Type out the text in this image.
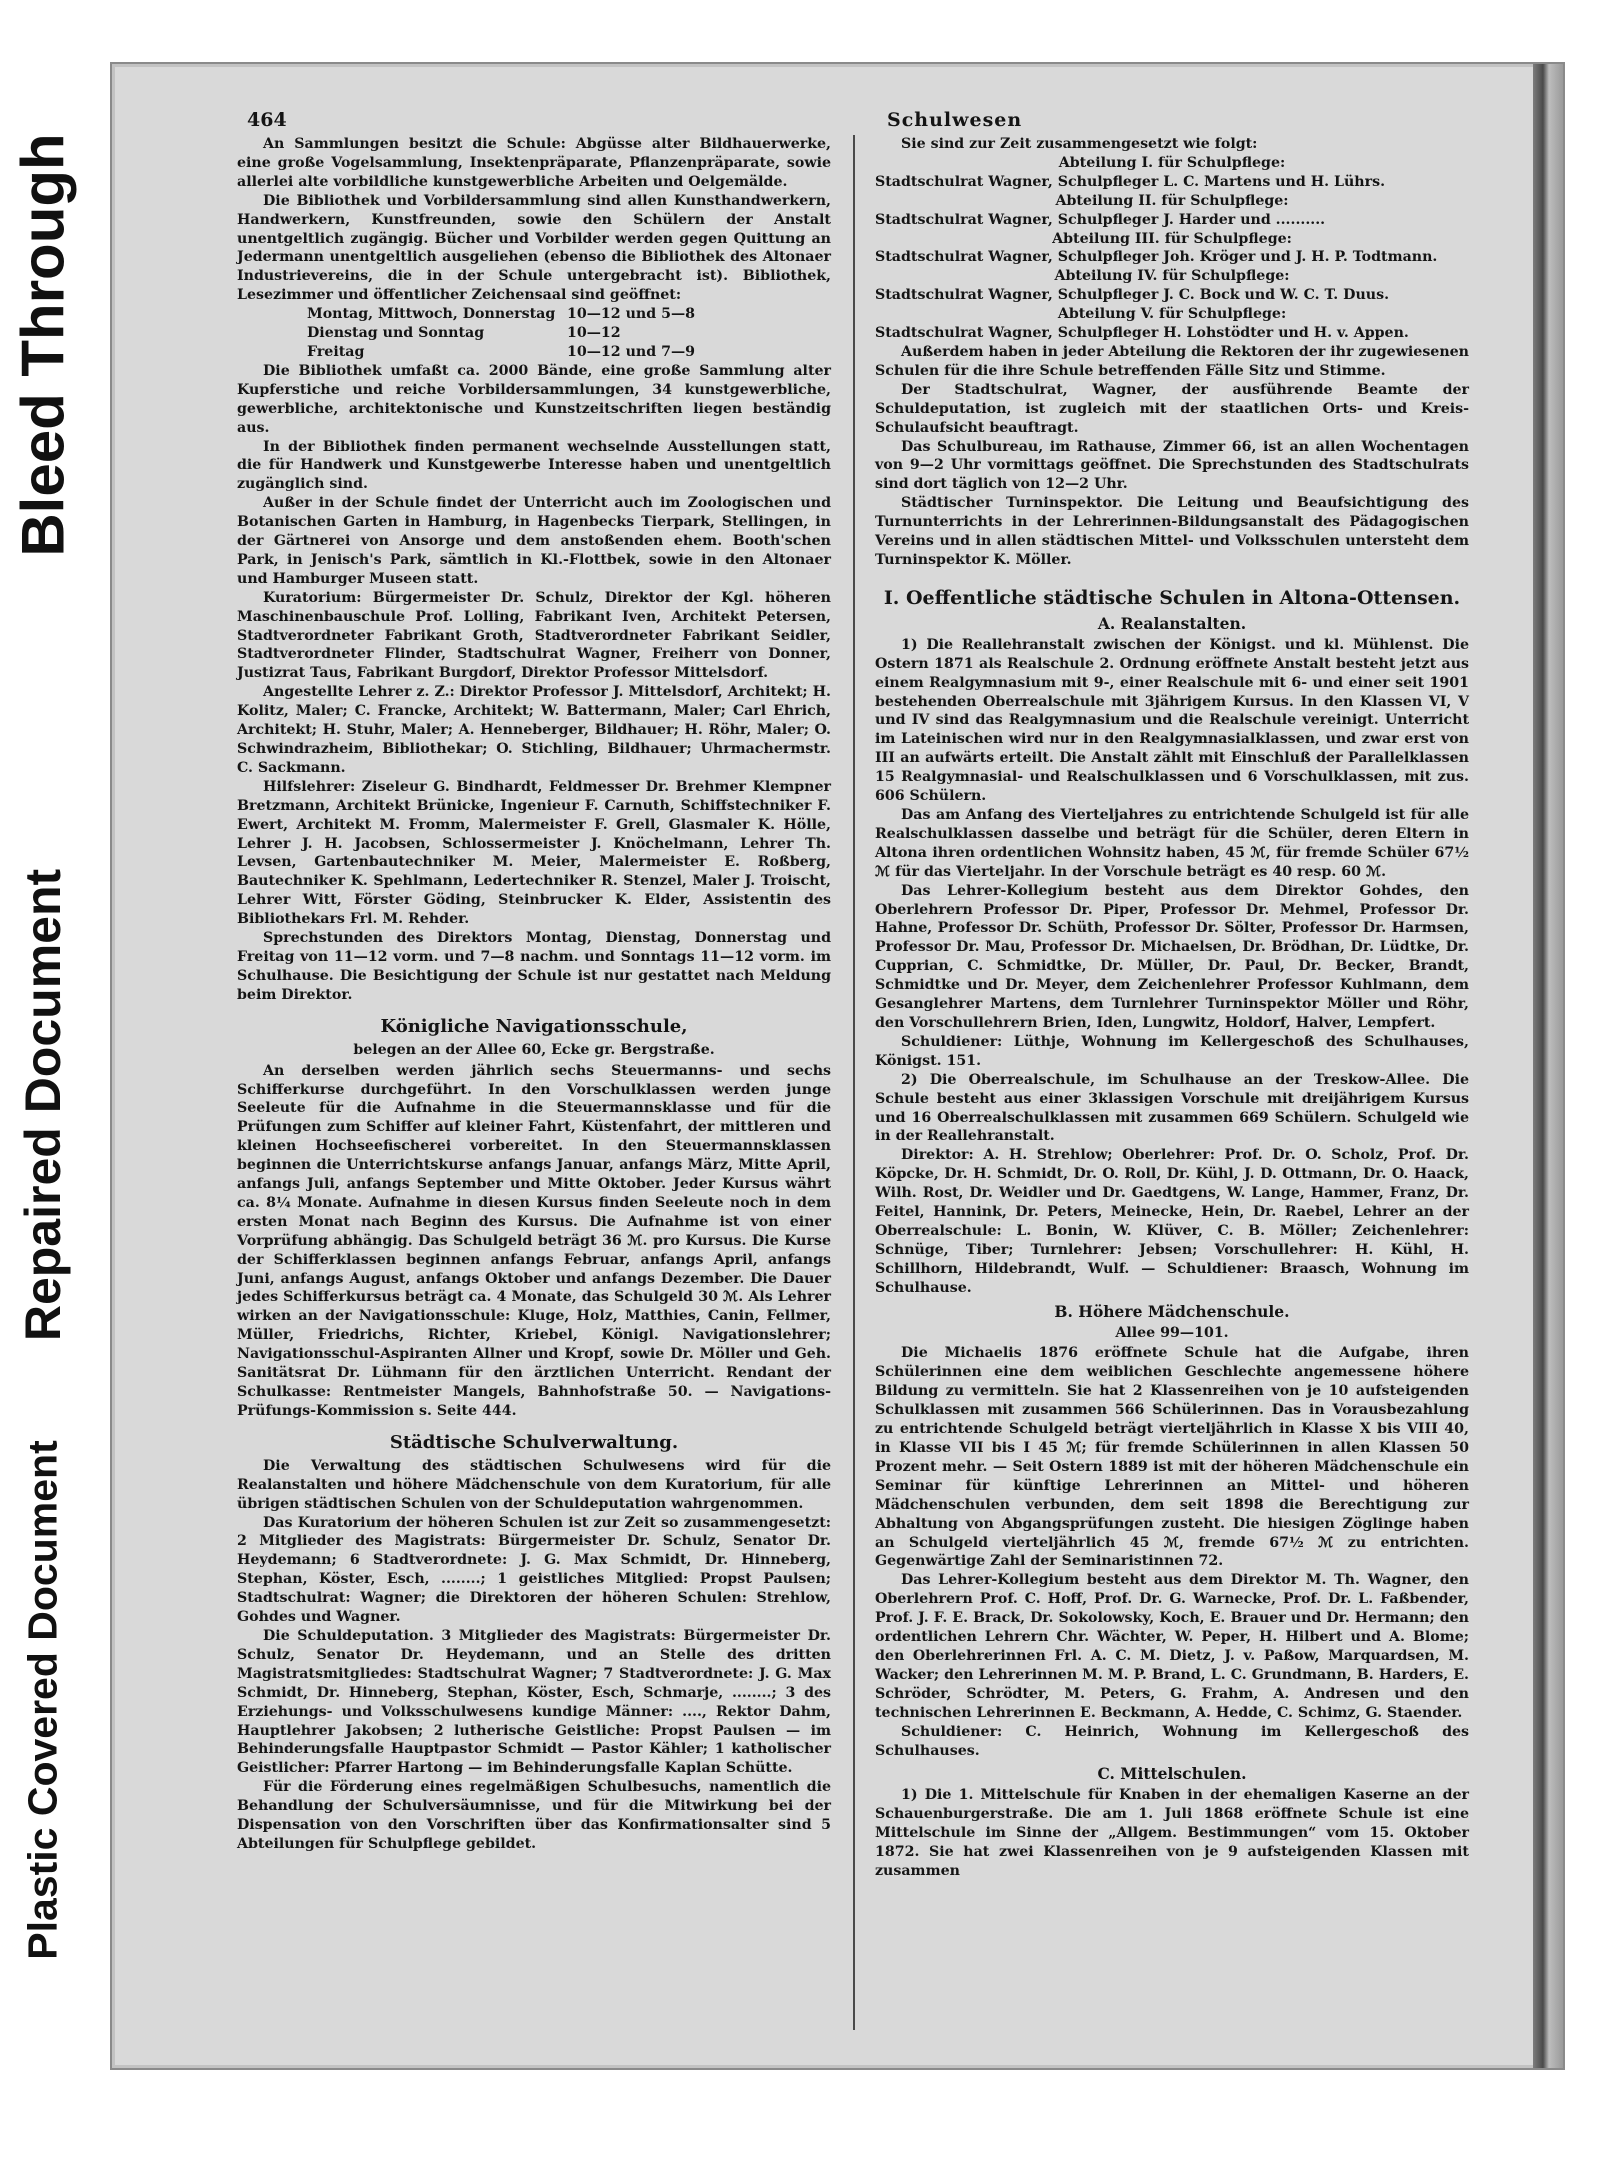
Bleed Through
Repaired Document
Plastic Covered Document
464	Schulwesen

An Sammlungen besitzt die Schule: Abgüsse alter Bildhauerwerke, eine große Vogelsammlung, Insektenpräparate, Pflanzenpräparate, sowie allerlei alte vorbildliche kunstgewerbliche Arbeiten und Oelgemälde.

Die Bibliothek und Vorbildersammlung sind allen Kunsthandwerkern, Handwerkern, Kunstfreunden, sowie den Schülern der Anstalt unentgeltlich zugängig. Bücher und Vorbilder werden gegen Quittung an Jedermann unentgeltlich ausgeliehen (ebenso die Bibliothek des Altonaer Industrievereins, die in der Schule untergebracht ist). Bibliothek, Lesezimmer und öffentlicher Zeichensaal sind geöffnet:

Montag, Mittwoch, Donnerstag 10—12 und 5—8
Dienstag und Sonntag	10—12
Freitag	10—12 und 7—9

Die Bibliothek umfaßt ca. 2000 Bände, eine große Sammlung alter Kupferstiche und reiche Vorbildersammlungen, 34 kunstgewerbliche, gewerbliche, architektonische und Kunstzeitschriften liegen beständig aus.

In der Bibliothek finden permanent wechselnde Ausstellungen statt, die für Handwerk und Kunstgewerbe Interesse haben und unentgeltlich zugänglich sind.

Außer in der Schule findet der Unterricht auch im Zoologischen und Botanischen Garten in Hamburg, in Hagenbecks Tierpark, Stellingen, in der Gärtnerei von Ansorge und dem anstoßenden ehem. Booth'schen Park, in Jenisch's Park, sämtlich in Kl.-Flottbek, sowie in den Altonaer und Hamburger Museen statt.

Kuratorium: Bürgermeister Dr. Schulz, Direktor der Kgl. höheren Maschinenbauschule Prof. Lolling, Fabrikant Iven, Architekt Petersen, Stadtverordneter Fabrikant Groth, Stadtverordneter Fabrikant Seidler, Stadtverordneter Flinder, Stadtschulrat Wagner, Freiherr von Donner, Justizrat Taus, Fabrikant Burgdorf, Direktor Professor Mittelsdorf.

Angestellte Lehrer z. Z.: Direktor Professor J. Mittelsdorf, Architekt; H. Kolitz, Maler; C. Francke, Architekt; W. Battermann, Maler; Carl Ehrich, Architekt; H. Stuhr, Maler; A. Henneberger, Bildhauer; H. Röhr, Maler; O. Schwindrazheim, Bibliothekar; O. Stichling, Bildhauer; Uhrmachermstr. C. Sackmann.

Hilfslehrer: Ziseleur G. Bindhardt, Feldmesser Dr. Brehmer Klempner Bretzmann, Architekt Brünicke, Ingenieur F. Carnuth, Schiffstechniker F. Ewert, Architekt M. Fromm, Malermeister F. Grell, Glasmaler K. Hölle, Lehrer J. H. Jacobsen, Schlossermeister J. Knöchelmann, Lehrer Th. Levsen, Gartenbautechniker M. Meier, Malermeister E. Roßberg, Bautechniker K. Spehlmann, Ledertechniker R. Stenzel, Maler J. Troischt, Lehrer Witt, Förster Göding, Steinbrucker K. Elder, Assistentin des Bibliothekars Frl. M. Rehder.

Sprechstunden des Direktors Montag, Dienstag, Donnerstag und Freitag von 11—12 vorm. und 7—8 nachm. und Sonntags 11—12 vorm. im Schulhause. Die Besichtigung der Schule ist nur gestattet nach Meldung beim Direktor.

Königliche Navigationsschule,
belegen an der Allee 60, Ecke gr. Bergstraße.

An derselben werden jährlich sechs Steuermanns- und sechs Schifferkurse durchgeführt. In den Vorschulklassen werden junge Seeleute für die Aufnahme in die Steuermannsklasse und für die Prüfungen zum Schiffer auf kleiner Fahrt, Küstenfahrt, der mittleren und kleinen Hochseefischerei vorbereitet. In den Steuermannsklassen beginnen die Unterrichtskurse anfangs Januar, anfangs März, Mitte April, anfangs Juli, anfangs September und Mitte Oktober. Jeder Kursus währt ca. 8¼ Monate. Aufnahme in diesen Kursus finden Seeleute noch in dem ersten Monat nach Beginn des Kursus. Die Aufnahme ist von einer Vorprüfung abhängig. Das Schulgeld beträgt 36 ℳ. pro Kursus. Die Kurse der Schifferklassen beginnen anfangs Februar, anfangs April, anfangs Juni, anfangs August, anfangs Oktober und anfangs Dezember. Die Dauer jedes Schifferkursus beträgt ca. 4 Monate, das Schulgeld 30 ℳ. Als Lehrer wirken an der Navigationsschule: Kluge, Holz, Matthies, Canin, Fellmer, Müller, Friedrichs, Richter, Kriebel, Königl. Navigationslehrer; Navigationsschul-Aspiranten Allner und Kropf, sowie Dr. Möller und Geh. Sanitätsrat Dr. Lühmann für den ärztlichen Unterricht. Rendant der Schulkasse: Rentmeister Mangels, Bahnhofstraße 50. — Navigations-Prüfungs-Kommission s. Seite 444.

Städtische Schulverwaltung.

Die Verwaltung des städtischen Schulwesens wird für die Realanstalten und höhere Mädchenschule von dem Kuratorium, für alle übrigen städtischen Schulen von der Schuldeputation wahrgenommen.

Das Kuratorium der höheren Schulen ist zur Zeit so zusammengesetzt: 2 Mitglieder des Magistrats: Bürgermeister Dr. Schulz, Senator Dr. Heydemann; 6 Stadtverordnete: J. G. Max Schmidt, Dr. Hinneberg, Stephan, Köster, Esch, ........; 1 geistliches Mitglied: Propst Paulsen; Stadtschulrat: Wagner; die Direktoren der höheren Schulen: Strehlow, Gohdes und Wagner.

Die Schuldeputation. 3 Mitglieder des Magistrats: Bürgermeister Dr. Schulz, Senator Dr. Heydemann, und an Stelle des dritten Magistratsmitgliedes: Stadtschulrat Wagner; 7 Stadtverordnete: J. G. Max Schmidt, Dr. Hinneberg, Stephan, Köster, Esch, Schmarje, ........; 3 des Erziehungs- und Volksschulwesens kundige Männer: ...., Rektor Dahm, Hauptlehrer Jakobsen; 2 lutherische Geistliche: Propst Paulsen — im Behinderungsfalle Hauptpastor Schmidt — Pastor Kähler; 1 katholischer Geistlicher: Pfarrer Hartong — im Behinderungsfalle Kaplan Schütte.

Für die Förderung eines regelmäßigen Schulbesuchs, namentlich die Behandlung der Schulversäumnisse, und für die Mitwirkung bei der Dispensation von den Vorschriften über das Konfirmationsalter sind 5 Abteilungen für Schulpflege gebildet.

Sie sind zur Zeit zusammengesetzt wie folgt:

Abteilung I. für Schulpflege:

Stadtschulrat Wagner, Schulpfleger L. C. Martens und H. Lührs.

Abteilung II. für Schulpflege:

Stadtschulrat Wagner, Schulpfleger J. Harder und ..........

Abteilung III. für Schulpflege:

Stadtschulrat Wagner, Schulpfleger Joh. Kröger und J. H. P. Todtmann.

Abteilung IV. für Schulpflege:

Stadtschulrat Wagner, Schulpfleger J. C. Bock und W. C. T. Duus.

Abteilung V. für Schulpflege:

Stadtschulrat Wagner, Schulpfleger H. Lohstödter und H. v. Appen.

Außerdem haben in jeder Abteilung die Rektoren der ihr zugewiesenen Schulen für die ihre Schule betreffenden Fälle Sitz und Stimme.

Der Stadtschulrat, Wagner, der ausführende Beamte der Schuldeputation, ist zugleich mit der staatlichen Orts- und Kreis-Schulaufsicht beauftragt.

Das Schulbureau, im Rathause, Zimmer 66, ist an allen Wochentagen von 9—2 Uhr vormittags geöffnet. Die Sprechstunden des Stadtschulrats sind dort täglich von 12—2 Uhr.

Städtischer Turninspektor. Die Leitung und Beaufsichtigung des Turnunterrichts in der Lehrerinnen-Bildungsanstalt des Pädagogischen Vereins und in allen städtischen Mittel- und Volksschulen untersteht dem Turninspektor K. Möller.

I. Oeffentliche städtische Schulen in Altona-Ottensen.
A. Realanstalten.

1) Die Reallehranstalt zwischen der Königst. und kl. Mühlenst. Die Ostern 1871 als Realschule 2. Ordnung eröffnete Anstalt besteht jetzt aus einem Realgymnasium mit 9-, einer Realschule mit 6- und einer seit 1901 bestehenden Oberrealschule mit 3jährigem Kursus. In den Klassen VI, V und IV sind das Realgymnasium und die Realschule vereinigt. Unterricht im Lateinischen wird nur in den Realgymnasialklassen, und zwar erst von III an aufwärts erteilt. Die Anstalt zählt mit Einschluß der Parallelklassen 15 Realgymnasial- und Realschulklassen und 6 Vorschulklassen, mit zus. 606 Schülern.

Das am Anfang des Vierteljahres zu entrichtende Schulgeld ist für alle Realschulklassen dasselbe und beträgt für die Schüler, deren Eltern in Altona ihren ordentlichen Wohnsitz haben, 45 ℳ, für fremde Schüler 67½ ℳ für das Vierteljahr. In der Vorschule beträgt es 40 resp. 60 ℳ.

Das Lehrer-Kollegium besteht aus dem Direktor Gohdes, den Oberlehrern Professor Dr. Piper, Professor Dr. Mehmel, Professor Dr. Hahne, Professor Dr. Schüth, Professor Dr. Sölter, Professor Dr. Harmsen, Professor Dr. Mau, Professor Dr. Michaelsen, Dr. Brödhan, Dr. Lüdtke, Dr. Cupprian, C. Schmidtke, Dr. Müller, Dr. Paul, Dr. Becker, Brandt, Schmidtke und Dr. Meyer, dem Zeichenlehrer Professor Kuhlmann, dem Gesanglehrer Martens, dem Turnlehrer Turninspektor Möller und Röhr, den Vorschullehrern Brien, Iden, Lungwitz, Holdorf, Halver, Lempfert.

Schuldiener: Lüthje, Wohnung im Kellergeschoß des Schulhauses, Königst. 151.

2) Die Oberrealschule, im Schulhause an der Treskow-Allee. Die Schule besteht aus einer 3klassigen Vorschule mit dreijährigem Kursus und 16 Oberrealschulklassen mit zusammen 669 Schülern. Schulgeld wie in der Reallehranstalt.

Direktor: A. H. Strehlow; Oberlehrer: Prof. Dr. O. Scholz, Prof. Dr. Köpcke, Dr. H. Schmidt, Dr. O. Roll, Dr. Kühl, J. D. Ottmann, Dr. O. Haack, Wilh. Rost, Dr. Weidler und Dr. Gaedtgens, W. Lange, Hammer, Franz, Dr. Feitel, Hannink, Dr. Peters, Meinecke, Hein, Dr. Raebel, Lehrer an der Oberrealschule: L. Bonin, W. Klüver, C. B. Möller; Zeichenlehrer: Schnüge, Tiber; Turnlehrer: Jebsen; Vorschullehrer: H. Kühl, H. Schillhorn, Hildebrandt, Wulf. — Schuldiener: Braasch, Wohnung im Schulhause.

B. Höhere Mädchenschule.
Allee 99—101.

Die Michaelis 1876 eröffnete Schule hat die Aufgabe, ihren Schülerinnen eine dem weiblichen Geschlechte angemessene höhere Bildung zu vermitteln. Sie hat 2 Klassenreihen von je 10 aufsteigenden Schulklassen mit zusammen 566 Schülerinnen. Das in Vorausbezahlung zu entrichtende Schulgeld beträgt vierteljährlich in Klasse X bis VIII 40, in Klasse VII bis I 45 ℳ; für fremde Schülerinnen in allen Klassen 50 Prozent mehr. — Seit Ostern 1889 ist mit der höheren Mädchenschule ein Seminar für künftige Lehrerinnen an Mittel- und höheren Mädchenschulen verbunden, dem seit 1898 die Berechtigung zur Abhaltung von Abgangsprüfungen zusteht. Die hiesigen Zöglinge haben an Schulgeld vierteljährlich 45 ℳ, fremde 67½ ℳ zu entrichten. Gegenwärtige Zahl der Seminaristinnen 72.

Das Lehrer-Kollegium besteht aus dem Direktor M. Th. Wagner, den Oberlehrern Prof. C. Hoff, Prof. Dr. G. Warnecke, Prof. Dr. L. Faßbender, Prof. J. F. E. Brack, Dr. Sokolowsky, Koch, E. Brauer und Dr. Hermann; den ordentlichen Lehrern Chr. Wächter, W. Peper, H. Hilbert und A. Blome; den Oberlehrerinnen Frl. A. C. M. Dietz, J. v. Paßow, Marquardsen, M. Wacker; den Lehrerinnen M. M. P. Brand, L. C. Grundmann, B. Harders, E. Schröder, Schrödter, M. Peters, G. Frahm, A. Andresen und den technischen Lehrerinnen E. Beckmann, A. Hedde, C. Schimz, G. Staender.

Schuldiener: C. Heinrich, Wohnung im Kellergeschoß des Schulhauses.

C. Mittelschulen.

1) Die 1. Mittelschule für Knaben in der ehemaligen Kaserne an der Schauenburgerstraße. Die am 1. Juli 1868 eröffnete Schule ist eine Mittelschule im Sinne der „Allgem. Bestimmungen“ vom 15. Oktober 1872. Sie hat zwei Klassenreihen von je 9 aufsteigenden Klassen mit zusammen
